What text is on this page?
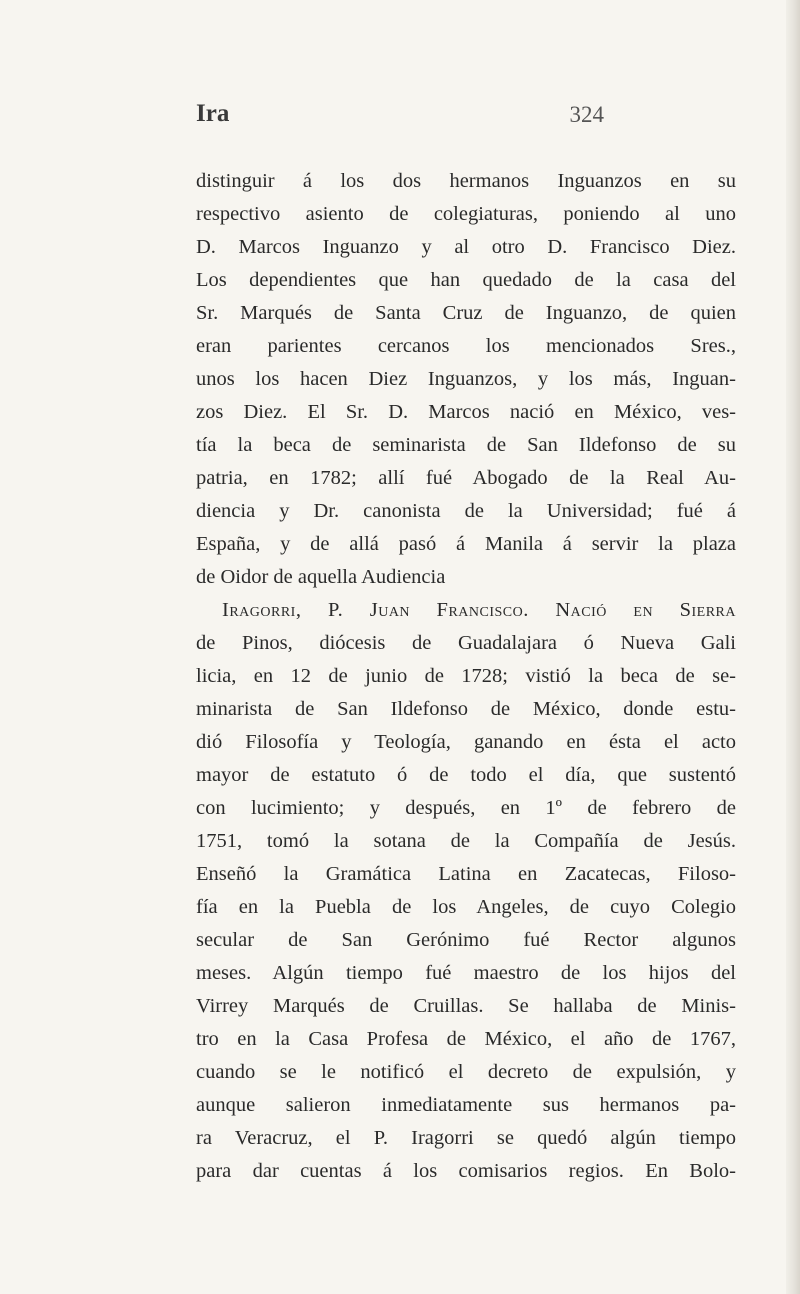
Ira	324
distinguir á los dos hermanos Inguanzos en su
respectivo asiento de colegiaturas, poniendo al uno
D. Marcos Inguanzo y al otro D. Francisco Diez.
Los dependientes que han quedado de la casa del
Sr. Marqués de Santa Cruz de Inguanzo, de quien
eran parientes cercanos los mencionados Sres.,
unos los hacen Diez Inguanzos, y los más, Inguan-
zos Diez. El Sr. D. Marcos nació en México, ves-
tía la beca de seminarista de San Ildefonso de su
patria, en 1782; allí fué Abogado de la Real Au-
diencia y Dr. canonista de la Universidad; fué á
España, y de allá pasó á Manila á servir la plaza
de Oidor de aquella Audiencia
Iragorri, P. Juan Francisco. Nació en Sierra
de Pinos, diócesis de Guadalajara ó Nueva Gali
licia, en 12 de junio de 1728; vistió la beca de se-
minarista de San Ildefonso de México, donde estu-
dió Filosofía y Teología, ganando en ésta el acto
mayor de estatuto ó de todo el día, que sustentó
con lucimiento; y después, en 1º de febrero de
1751, tomó la sotana de la Compañía de Jesús.
Enseñó la Gramática Latina en Zacatecas, Filoso-
fía en la Puebla de los Angeles, de cuyo Colegio
secular de San Gerónimo fué Rector algunos
meses. Algún tiempo fué maestro de los hijos del
Virrey Marqués de Cruillas. Se hallaba de Minis-
tro en la Casa Profesa de México, el año de 1767,
cuando se le notificó el decreto de expulsión, y
aunque salieron inmediatamente sus hermanos pa-
ra Veracruz, el P. Iragorri se quedó algún tiempo
para dar cuentas á los comisarios regios. En Bolo-
